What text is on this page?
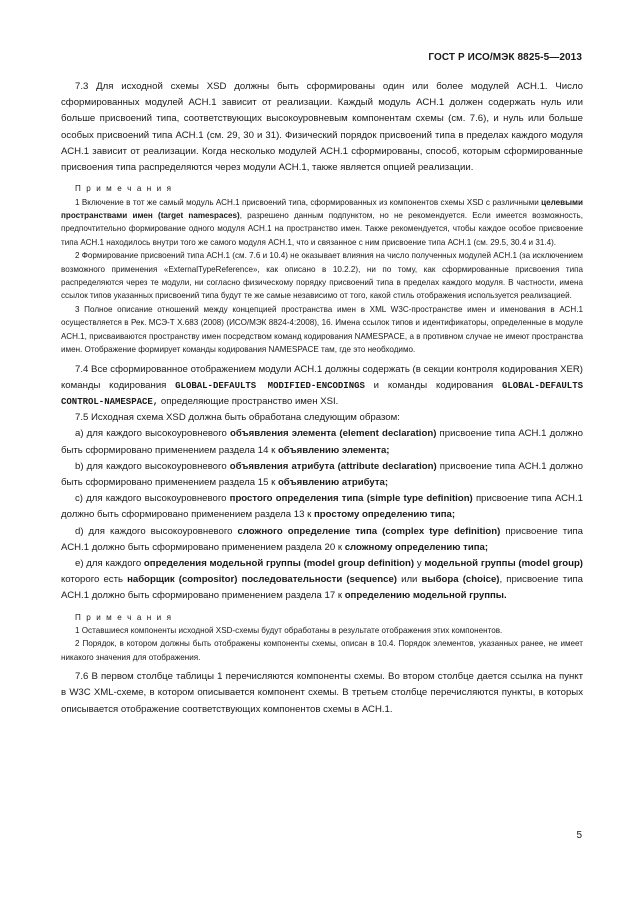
ГОСТ Р ИСО/МЭК 8825-5—2013

7.3 Для исходной схемы XSD должны быть сформированы один или более модулей АСН.1. Число сформированных модулей АСН.1 зависит от реализации. Каждый модуль АСН.1 должен содержать нуль или больше присвоений типа, соответствующих высокоуровневым компонентам схемы (см. 7.6), и нуль или больше особых присвоений типа АСН.1 (см. 29, 30 и 31). Физический порядок присвоений типа в пределах каждого модуля АСН.1 зависит от реализации. Когда несколько модулей АСН.1 сформированы, способ, которым сформированные присвоения типа распределяются через модули АСН.1, также является опцией реализации.

П р и м е ч а н и я

1 Включение в тот же самый модуль АСН.1 присвоений типа, сформированных из компонентов схемы XSD с различными целевыми пространствами имен (target namespaces), разрешено данным подпунктом, но не рекомендуется. Если имеется возможность, предпочтительно формирование одного модуля АСН.1 на пространство имен. Также рекомендуется, чтобы каждое особое присвоение типа АСН.1 находилось внутри того же самого модуля АСН.1, что и связанное с ним присвоение типа АСН.1 (см. 29.5, 30.4 и 31.4).

2 Формирование присвоений типа АСН.1 (см. 7.6 и 10.4) не оказывает влияния на число полученных модулей АСН.1 (за исключением возможного применения «ExternalTypeReference», как описано в 10.2.2), ни по тому, как сформированные присвоения типа распределяются через те модули, ни согласно физическому порядку присвоений типа в пределах каждого модуля. В частности, имена ссылок типов указанных присвоений типа будут те же самые независимо от того, какой стиль отображения используется реализацией.

3 Полное описание отношений между концепцией пространства имен в XML W3C-пространстве имен и именования в АСН.1 осуществляется в Рек. МСЭ-Т X.683 (2008) (ИСО/МЭК 8824-4:2008), 16. Имена ссылок типов и идентификаторы, определенные в модуле АСН.1, присваиваются пространству имен посредством команд кодирования NAMESPACE, а в противном случае не имеют пространства имен. Отображение формирует команды кодирования NAMESPACE там, где это необходимо.

7.4 Все сформированное отображением модули АСН.1 должны содержать (в секции контроля кодирования XER) команды кодирования GLOBAL-DEFAULTS MODIFIED-ENCODINGS и команды кодирования GLOBAL-DEFAULTS CONTROL-NAMESPACE, определяющие пространство имен XSI.

7.5 Исходная схема XSD должна быть обработана следующим образом:

а) для каждого высокоуровневого объявления элемента (element declaration) присвоение типа АСН.1 должно быть сформировано применением раздела 14 к объявлению элемента;

b) для каждого высокоуровневого объявления атрибута (attribute declaration) присвоение типа АСН.1 должно быть сформировано применением раздела 15 к объявлению атрибута;

с) для каждого высокоуровневого простого определения типа (simple type definition) присвоение типа АСН.1 должно быть сформировано применением раздела 13 к простому определению типа;

d) для каждого высокоуровневого сложного определение типа (complex type definition) присвоение типа АСН.1 должно быть сформировано применением раздела 20 к сложному определению типа;

е) для каждого определения модельной группы (model group definition) у модельной группы (model group) которого есть наборщик (compositor) последовательности (sequence) или выбора (choice), присвоение типа АСН.1 должно быть сформировано применением раздела 17 к определению модельной группы.

П р и м е ч а н и я

1 Оставшиеся компоненты исходной XSD-схемы будут обработаны в результате отображения этих компонентов.

2 Порядок, в котором должны быть отображены компоненты схемы, описан в 10.4. Порядок элементов, указанных ранее, не имеет никакого значения для отображения.

7.6 В первом столбце таблицы 1 перечисляются компоненты схемы. Во втором столбце дается ссылка на пункт в W3C XML-схеме, в котором описывается компонент схемы. В третьем столбце перечисляются пункты, в которых описывается отображение соответствующих компонентов схемы в АСН.1.

5
